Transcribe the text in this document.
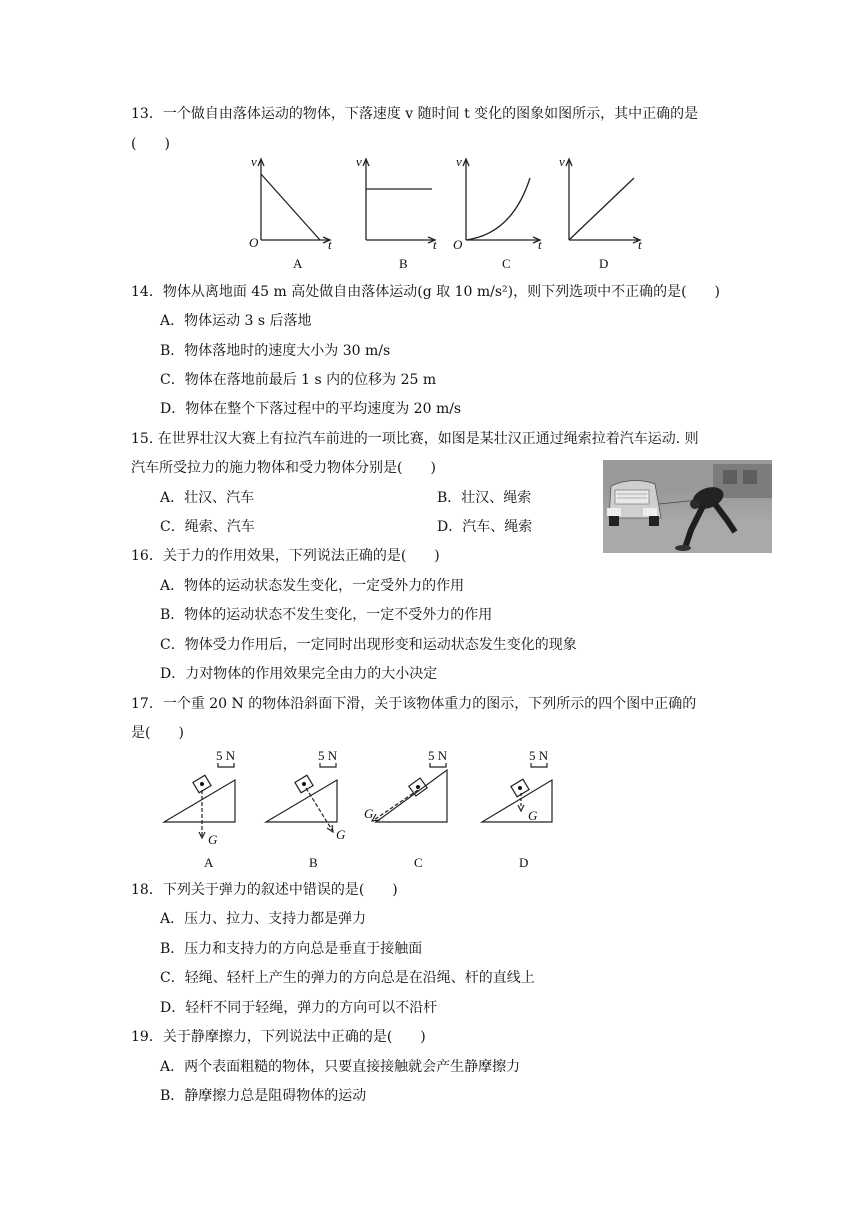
13．一个做自由落体运动的物体，下落速度 v 随时间 t 变化的图象如图所示，其中正确的是
(　　)
v
O	t
v
t
v
O	t
v
t
A	B	C	D
14．物体从离地面 45 m 高处做自由落体运动(g 取 10 m/s²)，则下列选项中不正确的是(　　)
A．物体运动 3 s 后落地
B．物体落地时的速度大小为 30 m/s
C．物体在落地前最后 1 s 内的位移为 25 m
D．物体在整个下落过程中的平均速度为 20 m/s
15. 在世界壮汉大赛上有拉汽车前进的一项比赛，如图是某壮汉正通过绳索拉着汽车运动. 则
汽车所受拉力的施力物体和受力物体分别是(　　)
A．壮汉、汽车	B．壮汉、绳索
C．绳索、汽车	D．汽车、绳索
16．关于力的作用效果，下列说法正确的是(　　)
A．物体的运动状态发生变化，一定受外力的作用
B．物体的运动状态不发生变化，一定不受外力的作用
C．物体受力作用后，一定同时出现形变和运动状态发生变化的现象
D．力对物体的作用效果完全由力的大小决定
17．一个重 20 N 的物体沿斜面下滑，关于该物体重力的图示，下列所示的四个图中正确的
是(　　)
5 N	5 N	5 N	5 N
G	G
G	G
A	B	C	D
18．下列关于弹力的叙述中错误的是(　　)
A．压力、拉力、支持力都是弹力
B．压力和支持力的方向总是垂直于接触面
C．轻绳、轻杆上产生的弹力的方向总是在沿绳、杆的直线上
D．轻杆不同于轻绳，弹力的方向可以不沿杆
19．关于静摩擦力，下列说法中正确的是(　　)
A．两个表面粗糙的物体，只要直接接触就会产生静摩擦力
B．静摩擦力总是阻碍物体的运动
